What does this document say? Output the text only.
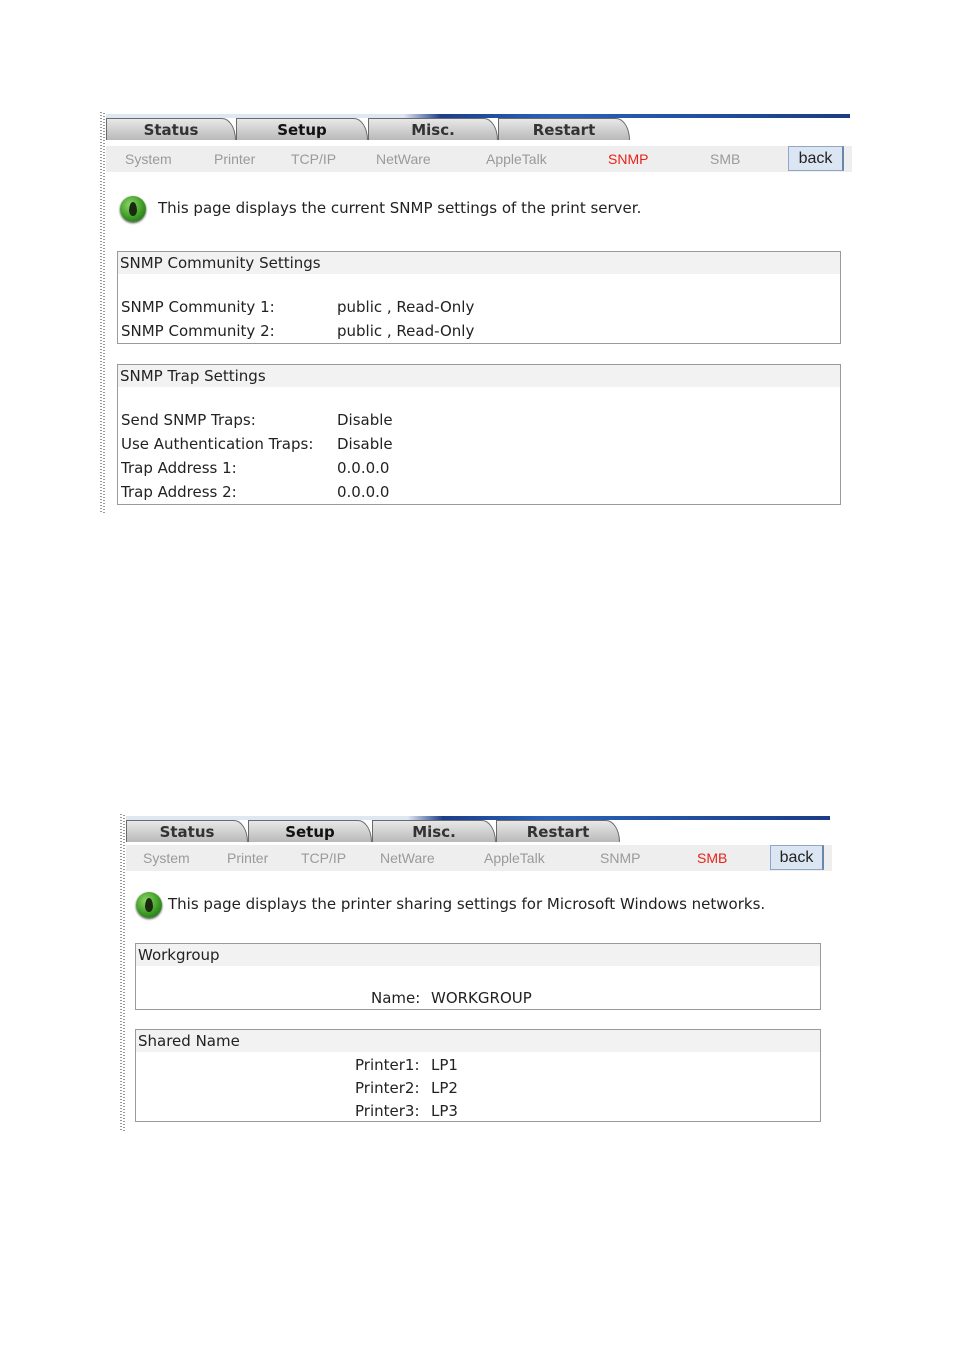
Status	Setup	Misc.	Restart
System	Printer	TCP/IP	NetWare	AppleTalk	SNMP	SMB	back
This page displays the current SNMP settings of the print server.
SNMP Community Settings
SNMP Community 1:	public , Read-Only
SNMP Community 2:	public , Read-Only
SNMP Trap Settings
Send SNMP Traps:	Disable
Use Authentication Traps: Disable
Trap Address 1:	0.0.0.0
Trap Address 2:	0.0.0.0
Status	Setup	Misc.	Restart
System	Printer TCP/IP NetWare	AppleTalk	SNMP	SMB	back
This page displays the printer sharing settings for Microsoft Windows networks.
Workgroup
Name: WORKGROUP
Shared Name
Printer1: LP1
Printer2: LP2
Printer3: LP3
